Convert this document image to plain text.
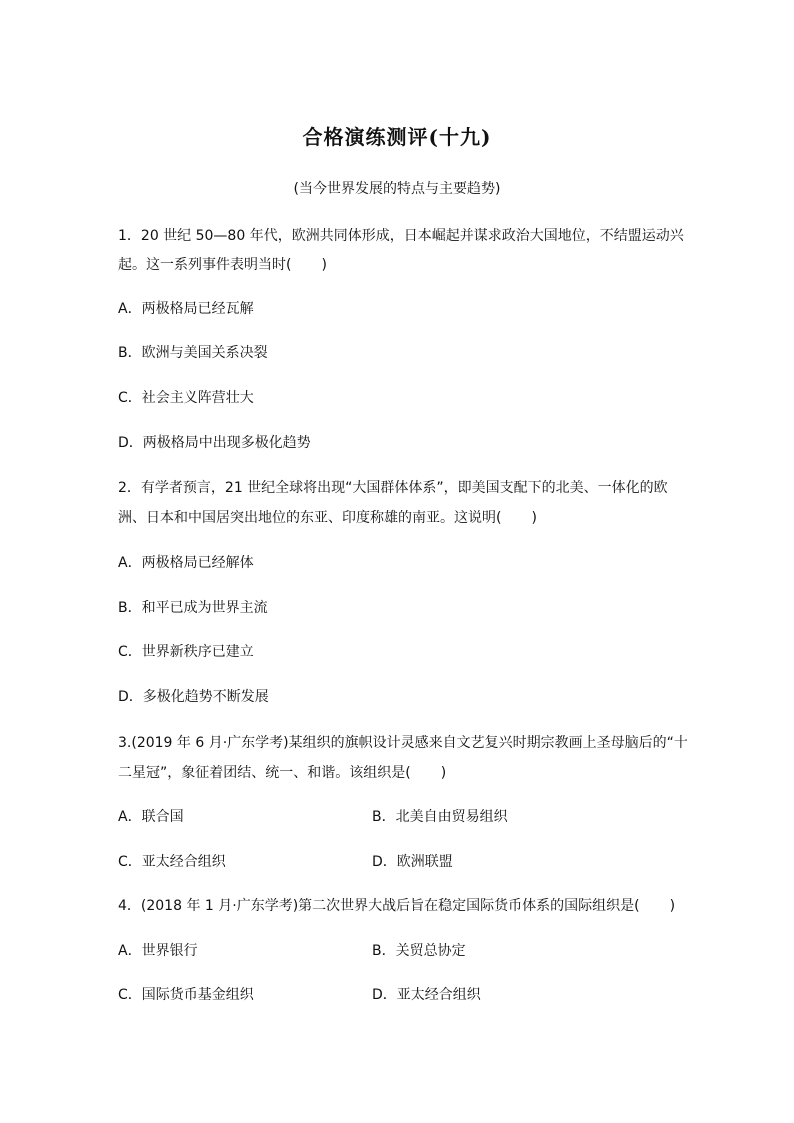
合格演练测评(十九)
(当今世界发展的特点与主要趋势)
1．20 世纪 50—80 年代，欧洲共同体形成，日本崛起并谋求政治大国地位，不结盟运动兴
起。这一系列事件表明当时( )
A．两极格局已经瓦解
B．欧洲与美国关系决裂
C．社会主义阵营壮大
D．两极格局中出现多极化趋势
2．有学者预言，21 世纪全球将出现“大国群体体系”，即美国支配下的北美、一体化的欧
洲、日本和中国居突出地位的东亚、印度称雄的南亚。这说明( )
A．两极格局已经解体
B．和平已成为世界主流
C．世界新秩序已建立
D．多极化趋势不断发展
3.(2019 年 6 月·广东学考)某组织的旗帜设计灵感来自文艺复兴时期宗教画上圣母脑后的“十
二星冠”，象征着团结、统一、和谐。该组织是( )
A．联合国	B．北美自由贸易组织
C．亚太经合组织	D．欧洲联盟
4．(2018 年 1 月·广东学考)第二次世界大战后旨在稳定国际货币体系的国际组织是( )
A．世界银行	B．关贸总协定
C．国际货币基金组织	D．亚太经合组织
